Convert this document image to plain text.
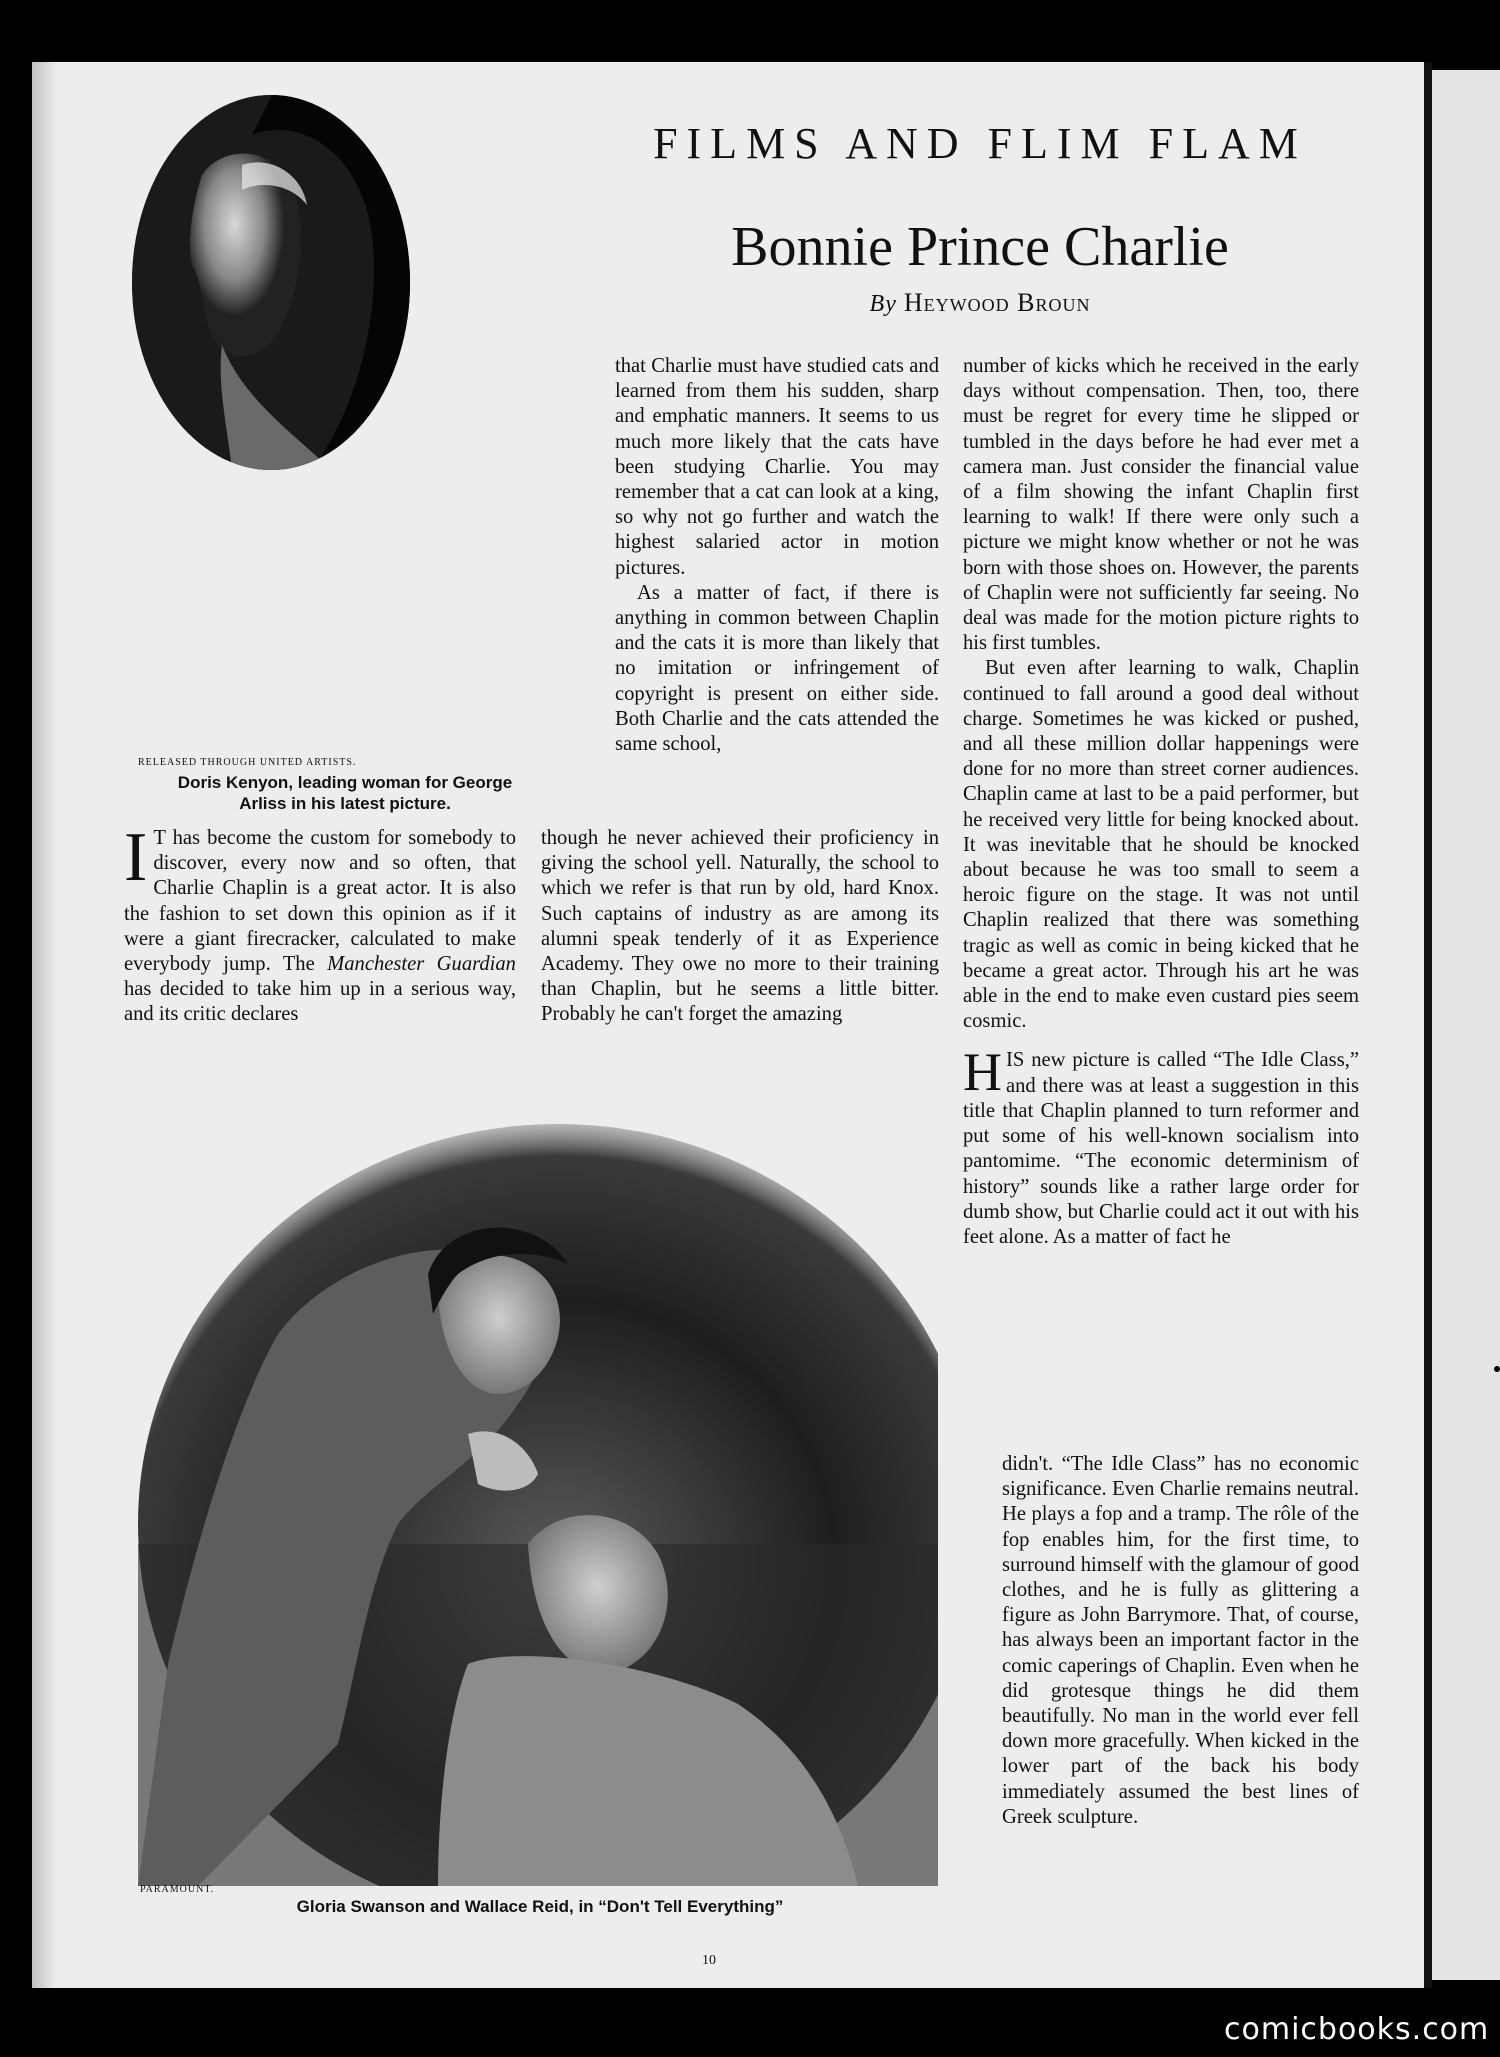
FILMS AND FLIM FLAM
Bonnie Prince Charlie
By Heywood Broun
RELEASED THROUGH UNITED ARTISTS.
Doris Kenyon, leading woman for George
Arliss in his latest picture.

I T has become the custom for somebody to discover, every now and so often, that Charlie Chaplin is a great actor. It is also the fashion to set down this opinion as if it were a giant firecracker, calculated to make everybody jump. The Manchester Guardian has decided to take him up in a serious way, and its critic declares

that Charlie must have studied cats and learned from them his sudden, sharp and emphatic manners. It seems to us much more likely that the cats have been studying Charlie. You may remember that a cat can look at a king, so why not go further and watch the highest salaried actor in motion pictures.

As a matter of fact, if there is anything in common between Chaplin and the cats it is more than likely that no imitation or infringement of copyright is present on either side. Both Charlie and the cats attended the same school,

though he never achieved their proficiency in giving the school yell. Naturally, the school to which we refer is that run by old, hard Knox. Such captains of industry as are among its alumni speak tenderly of it as Experience Academy. They owe no more to their training than Chaplin, but he seems a little bitter. Probably he can't forget the amazing

number of kicks which he received in the early days without compensation. Then, too, there must be regret for every time he slipped or tumbled in the days before he had ever met a camera man. Just consider the financial value of a film showing the infant Chaplin first learning to walk! If there were only such a picture we might know whether or not he was born with those shoes on. However, the parents of Chaplin were not sufficiently far seeing. No deal was made for the motion picture rights to his first tumbles.

But even after learning to walk, Chaplin continued to fall around a good deal without charge. Sometimes he was kicked or pushed, and all these million dollar happenings were done for no more than street corner audiences. Chaplin came at last to be a paid performer, but he received very little for being knocked about. It was inevitable that he should be knocked about because he was too small to seem a heroic figure on the stage. It was not until Chaplin realized that there was something tragic as well as comic in being kicked that he became a great actor. Through his art he was able in the end to make even custard pies seem cosmic.

H IS new picture is called “The Idle Class,” and there was at least a suggestion in this title that Chaplin planned to turn reformer and put some of his well-known socialism into pantomime. “The economic determinism of history” sounds like a rather large order for dumb show, but Charlie could act it out with his feet alone. As a matter of fact he

didn't. “The Idle Class” has no economic significance. Even Charlie remains neutral. He plays a fop and a tramp. The rôle of the fop enables him, for the first time, to surround himself with the glamour of good clothes, and he is fully as glittering a figure as John Barrymore. That, of course, has always been an important factor in the comic caperings of Chaplin. Even when he did grotesque things he did them beautifully. No man in the world ever fell down more gracefully. When kicked in the lower part of the back his body immediately assumed the best lines of Greek sculpture.

PARAMOUNT.
Gloria Swanson and Wallace Reid, in “Don't Tell Everything”
10
comicbooks.com
